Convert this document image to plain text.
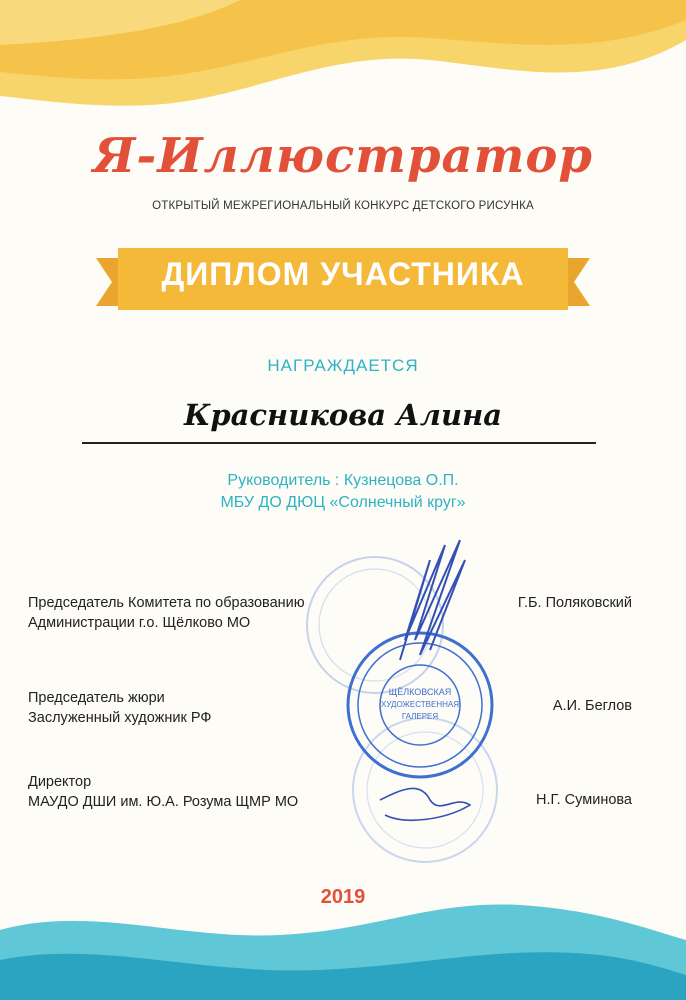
Я-Иллюстратор
ОТКРЫТЫЙ МЕЖРЕГИОНАЛЬНЫЙ КОНКУРС ДЕТСКОГО РИСУНКА
ДИПЛОМ УЧАСТНИКА
НАГРАЖДАЕТСЯ
Красникова Алина
Руководитель : Кузнецова О.П.
МБУ ДО ДЮЦ «Солнечный круг»
ЩЁЛКОВСКАЯ
ХУДОЖЕСТВЕННАЯ
ГАЛЕРЕЯ
Председатель Комитета по образованию
Администрации г.о. Щёлково МО
Г.Б. Поляковский
Председатель жюри
Заслуженный художник РФ
А.И. Беглов
Директор
МАУДО ДШИ им. Ю.А. Розума ЩМР МО	Н.Г. Суминова
2019
